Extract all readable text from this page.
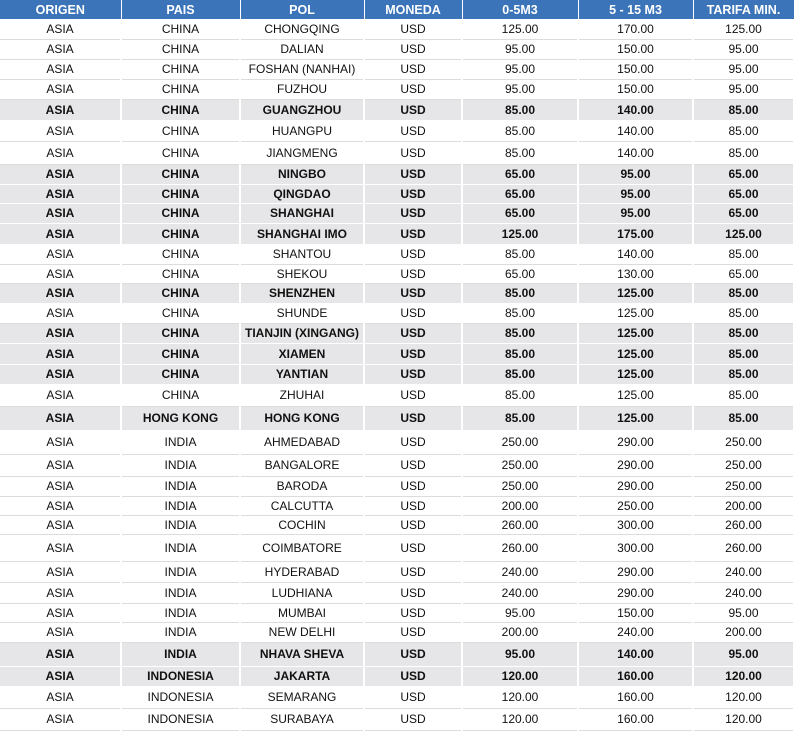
ORIGEN	PAIS	POL	MONEDA	0-5M3	5 - 15 M3	TARIFA MIN.
ASIA	CHINA	CHONGQING	USD	125.00	170.00	125.00
ASIA	CHINA	DALIAN	USD	95.00	150.00	95.00
ASIA	CHINA	FOSHAN (NANHAI)	USD	95.00	150.00	95.00
ASIA	CHINA	FUZHOU	USD	95.00	150.00	95.00
ASIA	CHINA	GUANGZHOU	USD	85.00	140.00	85.00
ASIA	CHINA	HUANGPU	USD	85.00	140.00	85.00
ASIA	CHINA	JIANGMENG	USD	85.00	140.00	85.00
ASIA	CHINA	NINGBO	USD	65.00	95.00	65.00
ASIA	CHINA	QINGDAO	USD	65.00	95.00	65.00
ASIA	CHINA	SHANGHAI	USD	65.00	95.00	65.00
ASIA	CHINA	SHANGHAI IMO	USD	125.00	175.00	125.00
ASIA	CHINA	SHANTOU	USD	85.00	140.00	85.00
ASIA	CHINA	SHEKOU	USD	65.00	130.00	65.00
ASIA	CHINA	SHENZHEN	USD	85.00	125.00	85.00
ASIA	CHINA	SHUNDE	USD	85.00	125.00	85.00
ASIA	CHINA	TIANJIN (XINGANG)	USD	85.00	125.00	85.00
ASIA	CHINA	XIAMEN	USD	85.00	125.00	85.00
ASIA	CHINA	YANTIAN	USD	85.00	125.00	85.00
ASIA	CHINA	ZHUHAI	USD	85.00	125.00	85.00
ASIA	HONG KONG	HONG KONG	USD	85.00	125.00	85.00
ASIA	INDIA	AHMEDABAD	USD	250.00	290.00	250.00
ASIA	INDIA	BANGALORE	USD	250.00	290.00	250.00
ASIA	INDIA	BARODA	USD	250.00	290.00	250.00
ASIA	INDIA	CALCUTTA	USD	200.00	250.00	200.00
ASIA	INDIA	COCHIN	USD	260.00	300.00	260.00
ASIA	INDIA	COIMBATORE	USD	260.00	300.00	260.00
ASIA	INDIA	HYDERABAD	USD	240.00	290.00	240.00
ASIA	INDIA	LUDHIANA	USD	240.00	290.00	240.00
ASIA	INDIA	MUMBAI	USD	95.00	150.00	95.00
ASIA	INDIA	NEW DELHI	USD	200.00	240.00	200.00
ASIA	INDIA	NHAVA SHEVA	USD	95.00	140.00	95.00
ASIA	INDONESIA	JAKARTA	USD	120.00	160.00	120.00
ASIA	INDONESIA	SEMARANG	USD	120.00	160.00	120.00
ASIA	INDONESIA	SURABAYA	USD	120.00	160.00	120.00
